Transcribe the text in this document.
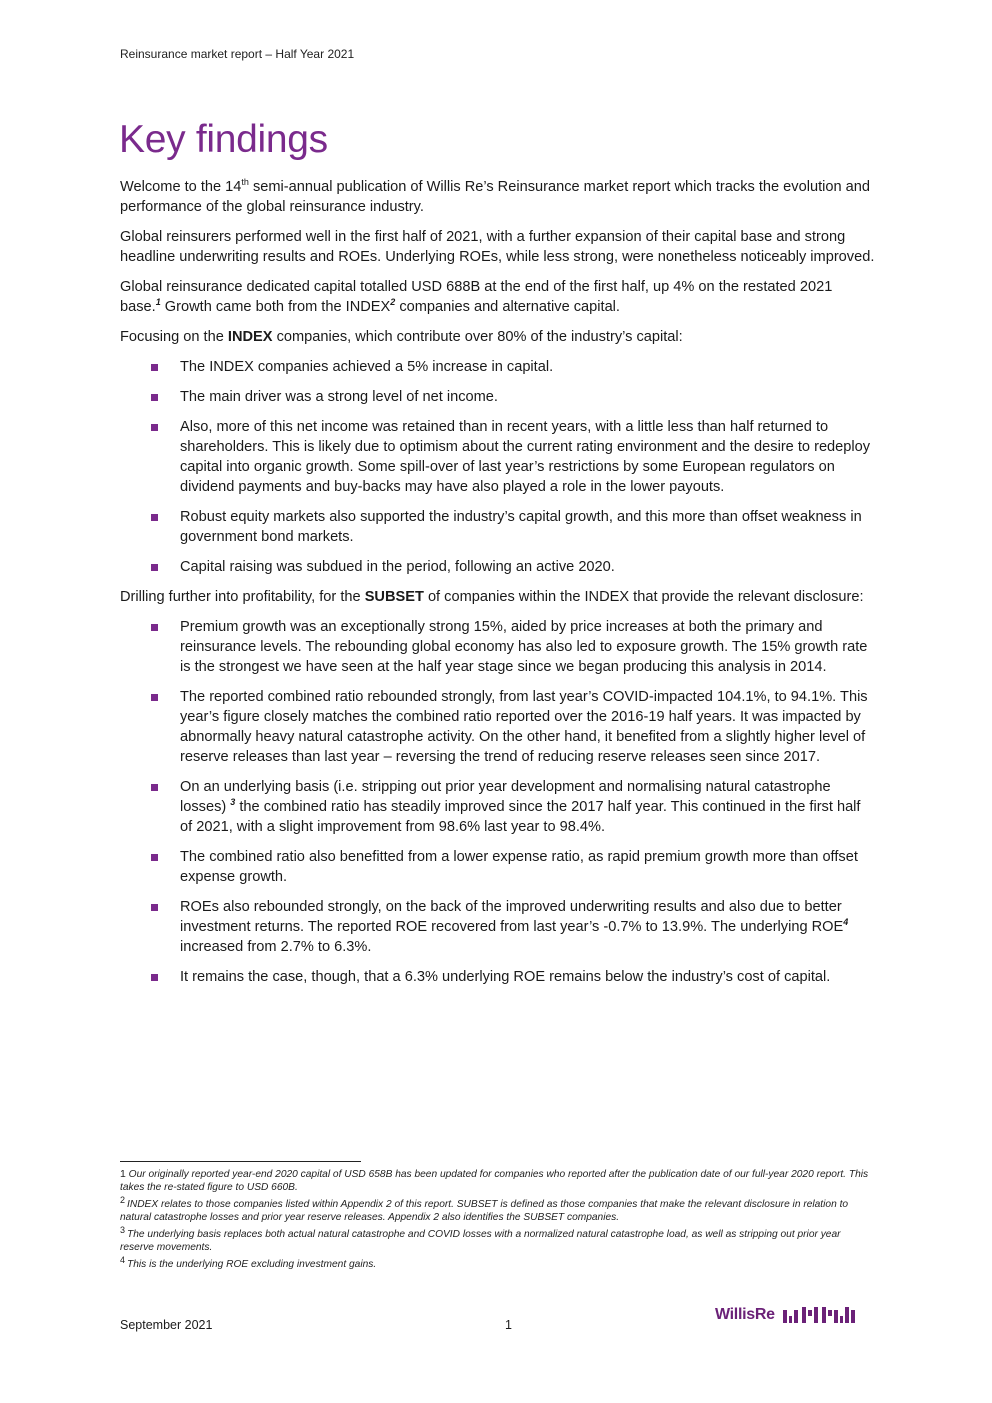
Reinsurance market report – Half Year 2021
Key findings

Welcome to the 14th semi-annual publication of Willis Re’s Reinsurance market report which tracks the evolution and performance of the global reinsurance industry.

Global reinsurers performed well in the first half of 2021, with a further expansion of their capital base and strong headline underwriting results and ROEs. Underlying ROEs, while less strong, were nonetheless noticeably improved.

Global reinsurance dedicated capital totalled USD 688B at the end of the first half, up 4% on the restated 2021 base.$^1$ Growth came both from the INDEX$^2$ companies and alternative capital.

Focusing on the INDEX companies, which contribute over 80% of the industry’s capital:

The INDEX companies achieved a 5% increase in capital.
The main driver was a strong level of net income.
Also, more of this net income was retained than in recent years, with a little less than half returned to shareholders. This is likely due to optimism about the current rating environment and the desire to redeploy capital into organic growth. Some spill-over of last year’s restrictions by some European regulators on dividend payments and buy-backs may have also played a role in the lower payouts.
Robust equity markets also supported the industry’s capital growth, and this more than offset weakness in government bond markets.
Capital raising was subdued in the period, following an active 2020.

Drilling further into profitability, for the SUBSET of companies within the INDEX that provide the relevant disclosure:

Premium growth was an exceptionally strong 15%, aided by price increases at both the primary and reinsurance levels. The rebounding global economy has also led to exposure growth. The 15% growth rate is the strongest we have seen at the half year stage since we began producing this analysis in 2014.
The reported combined ratio rebounded strongly, from last year’s COVID-impacted 104.1%, to 94.1%. This year’s figure closely matches the combined ratio reported over the 2016-19 half years. It was impacted by abnormally heavy natural catastrophe activity. On the other hand, it benefited from a slightly higher level of reserve releases than last year – reversing the trend of reducing reserve releases seen since 2017.
On an underlying basis (i.e. stripping out prior year development and normalising natural catastrophe losses) $^3$ the combined ratio has steadily improved since the 2017 half year. This continued in the first half of 2021, with a slight improvement from 98.6% last year to 98.4%.
The combined ratio also benefitted from a lower expense ratio, as rapid premium growth more than offset expense growth.
ROEs also rebounded strongly, on the back of the improved underwriting results and also due to better investment returns. The reported ROE recovered from last year’s -0.7% to 13.9%. The underlying ROE$^4$ increased from 2.7% to 6.3%.
It remains the case, though, that a 6.3% underlying ROE remains below the industry’s cost of capital.
1 Our originally reported year-end 2020 capital of USD 658B has been updated for companies who reported after the publication date of our full-year 2020 report. This takes the re-stated figure to USD 660B.
2 INDEX relates to those companies listed within Appendix 2 of this report. SUBSET is defined as those companies that make the relevant disclosure in relation to natural catastrophe losses and prior year reserve releases. Appendix 2 also identifies the SUBSET companies.
3 The underlying basis replaces both actual natural catastrophe and COVID losses with a normalized natural catastrophe load, as well as stripping out prior year reserve movements.
4 This is the underlying ROE excluding investment gains.
September 2021	1
WillisRe
